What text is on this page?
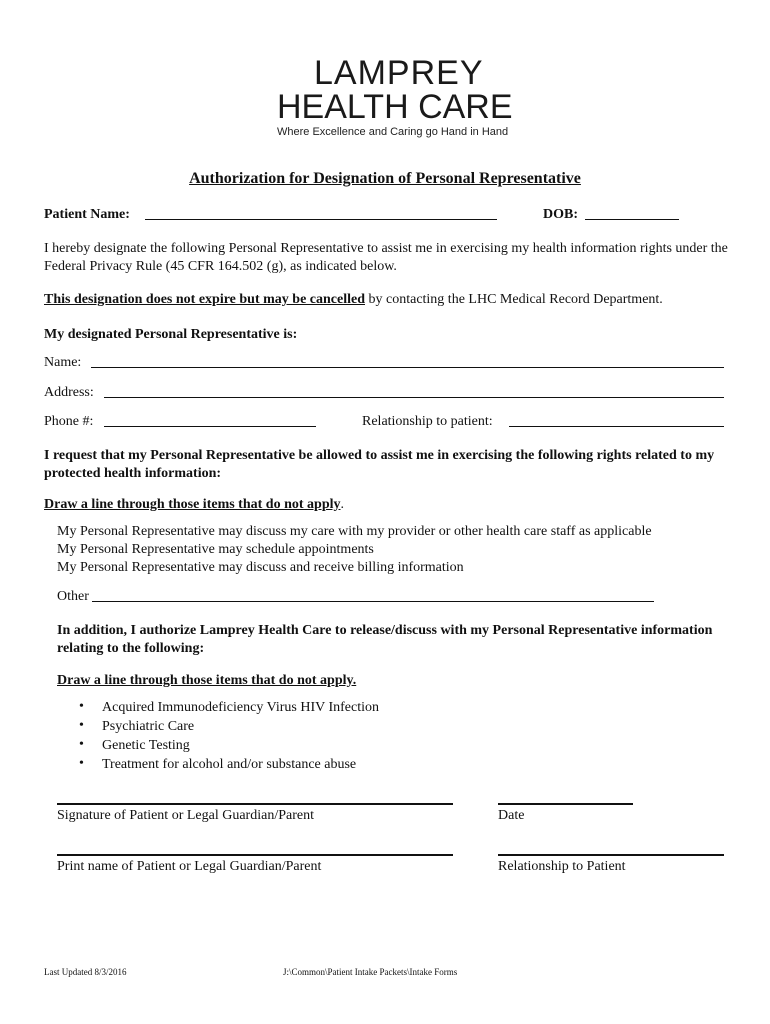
LAMPREY
HEALTH CARE
Where Excellence and Caring go Hand in Hand
Authorization for Designation of Personal Representative
Patient Name:	DOB:
I hereby designate the following Personal Representative to assist me in exercising my health information rights under the Federal Privacy Rule (45 CFR 164.502 (g), as indicated below.
This designation does not expire but may be cancelled by contacting the LHC Medical Record Department.
My designated Personal Representative is:
Name:
Address:
Phone #:	Relationship to patient:
I request that my Personal Representative be allowed to assist me in exercising the following rights related to my protected health information:
Draw a line through those items that do not apply.
My Personal Representative may discuss my care with my provider or other health care staff as applicable
My Personal Representative may schedule appointments
My Personal Representative may discuss and receive billing information
Other
In addition, I authorize Lamprey Health Care to release/discuss with my Personal Representative information relating to the following:
Draw a line through those items that do not apply.
• Acquired Immunodeficiency Virus HIV Infection
• Psychiatric Care
• Genetic Testing
• Treatment for alcohol and/or substance abuse
Signature of Patient or Legal Guardian/Parent	Date
Print name of Patient or Legal Guardian/Parent	Relationship to Patient
Last Updated 8/3/2016	J:\Common\Patient Intake Packets\Intake Forms
